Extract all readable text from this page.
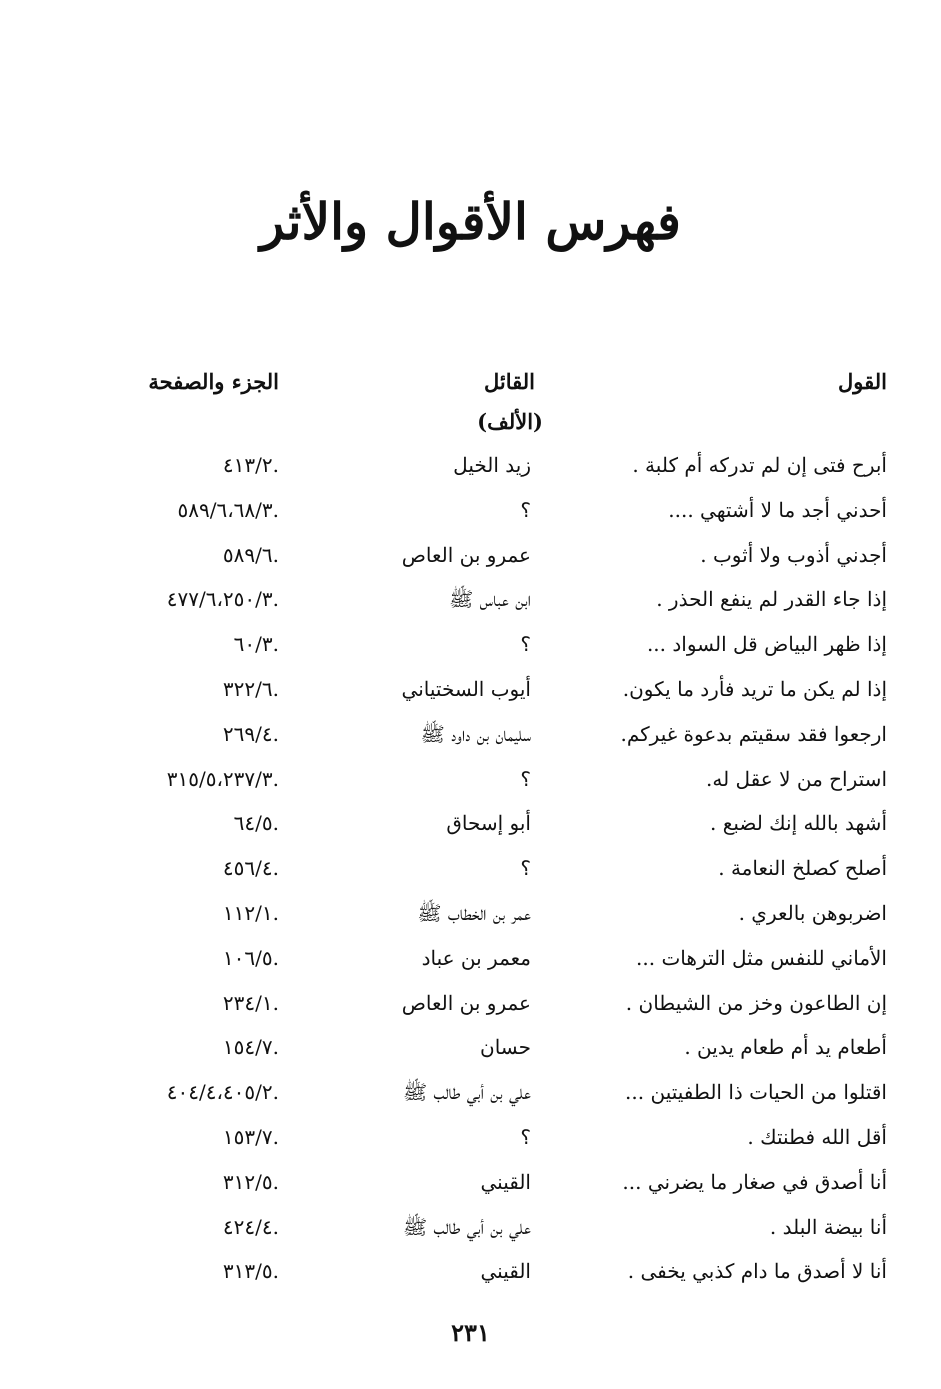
فهرس الأقوال والأثر
القول
القائل
الجزء والصفحة
(الألف)
أبرح فتى إن لم تدركه أم كلبة .
زيد الخيل
٤١٣/٢.
أحدني أجد ما لا أشتهي ....
؟
٥٨٩/٦،٦٨/٣.
أجدني أذوب ولا أثوب .
عمرو بن العاص
٥٨٩/٦.
إذا جاء القدر لم ينفع الحذر .
ابن عباس ﷺ
٤٧٧/٦،٢٥٠/٣.
إذا ظهر البياض قل السواد ...
؟
٦٠/٣.
إذا لم يكن ما تريد فأرد ما يكون.
أيوب السختياني
٣٢٢/٦.
ارجعوا فقد سقيتم بدعوة غيركم.
سليمان بن داود ﷺ
٢٦٩/٤.
استراح من لا عقل له.
؟
٣١٥/٥،٢٣٧/٣.
أشهد بالله إنك لضبع .
أبو إسحاق
٦٤/٥.
أصلح كصلخ النعامة .
؟
٤٥٦/٤.
اضربوهن بالعري .
عمر بن الخطاب ﷺ
١١٢/١.
الأماني للنفس مثل الترهات ...
معمر بن عباد
١٠٦/٥.
إن الطاعون وخز من الشيطان .
عمرو بن العاص
٢٣٤/١.
أطعام يد أم طعام يدين .
حسان
١٥٤/٧.
اقتلوا من الحيات ذا الطفيتين ...
علي بن أبي طالب ﷺ
٤٠٤/٤،٤٠٥/٢.
أقل الله فطنتك .
؟
١٥٣/٧.
أنا أصدق في صغار ما يضرني ...
القيني
٣١٢/٥.
أنا بيضة البلد .
علي بن أبي طالب ﷺ
٤٢٤/٤.
أنا لا أصدق ما دام كذبي يخفى .
القيني
٣١٣/٥.
٢٣١
